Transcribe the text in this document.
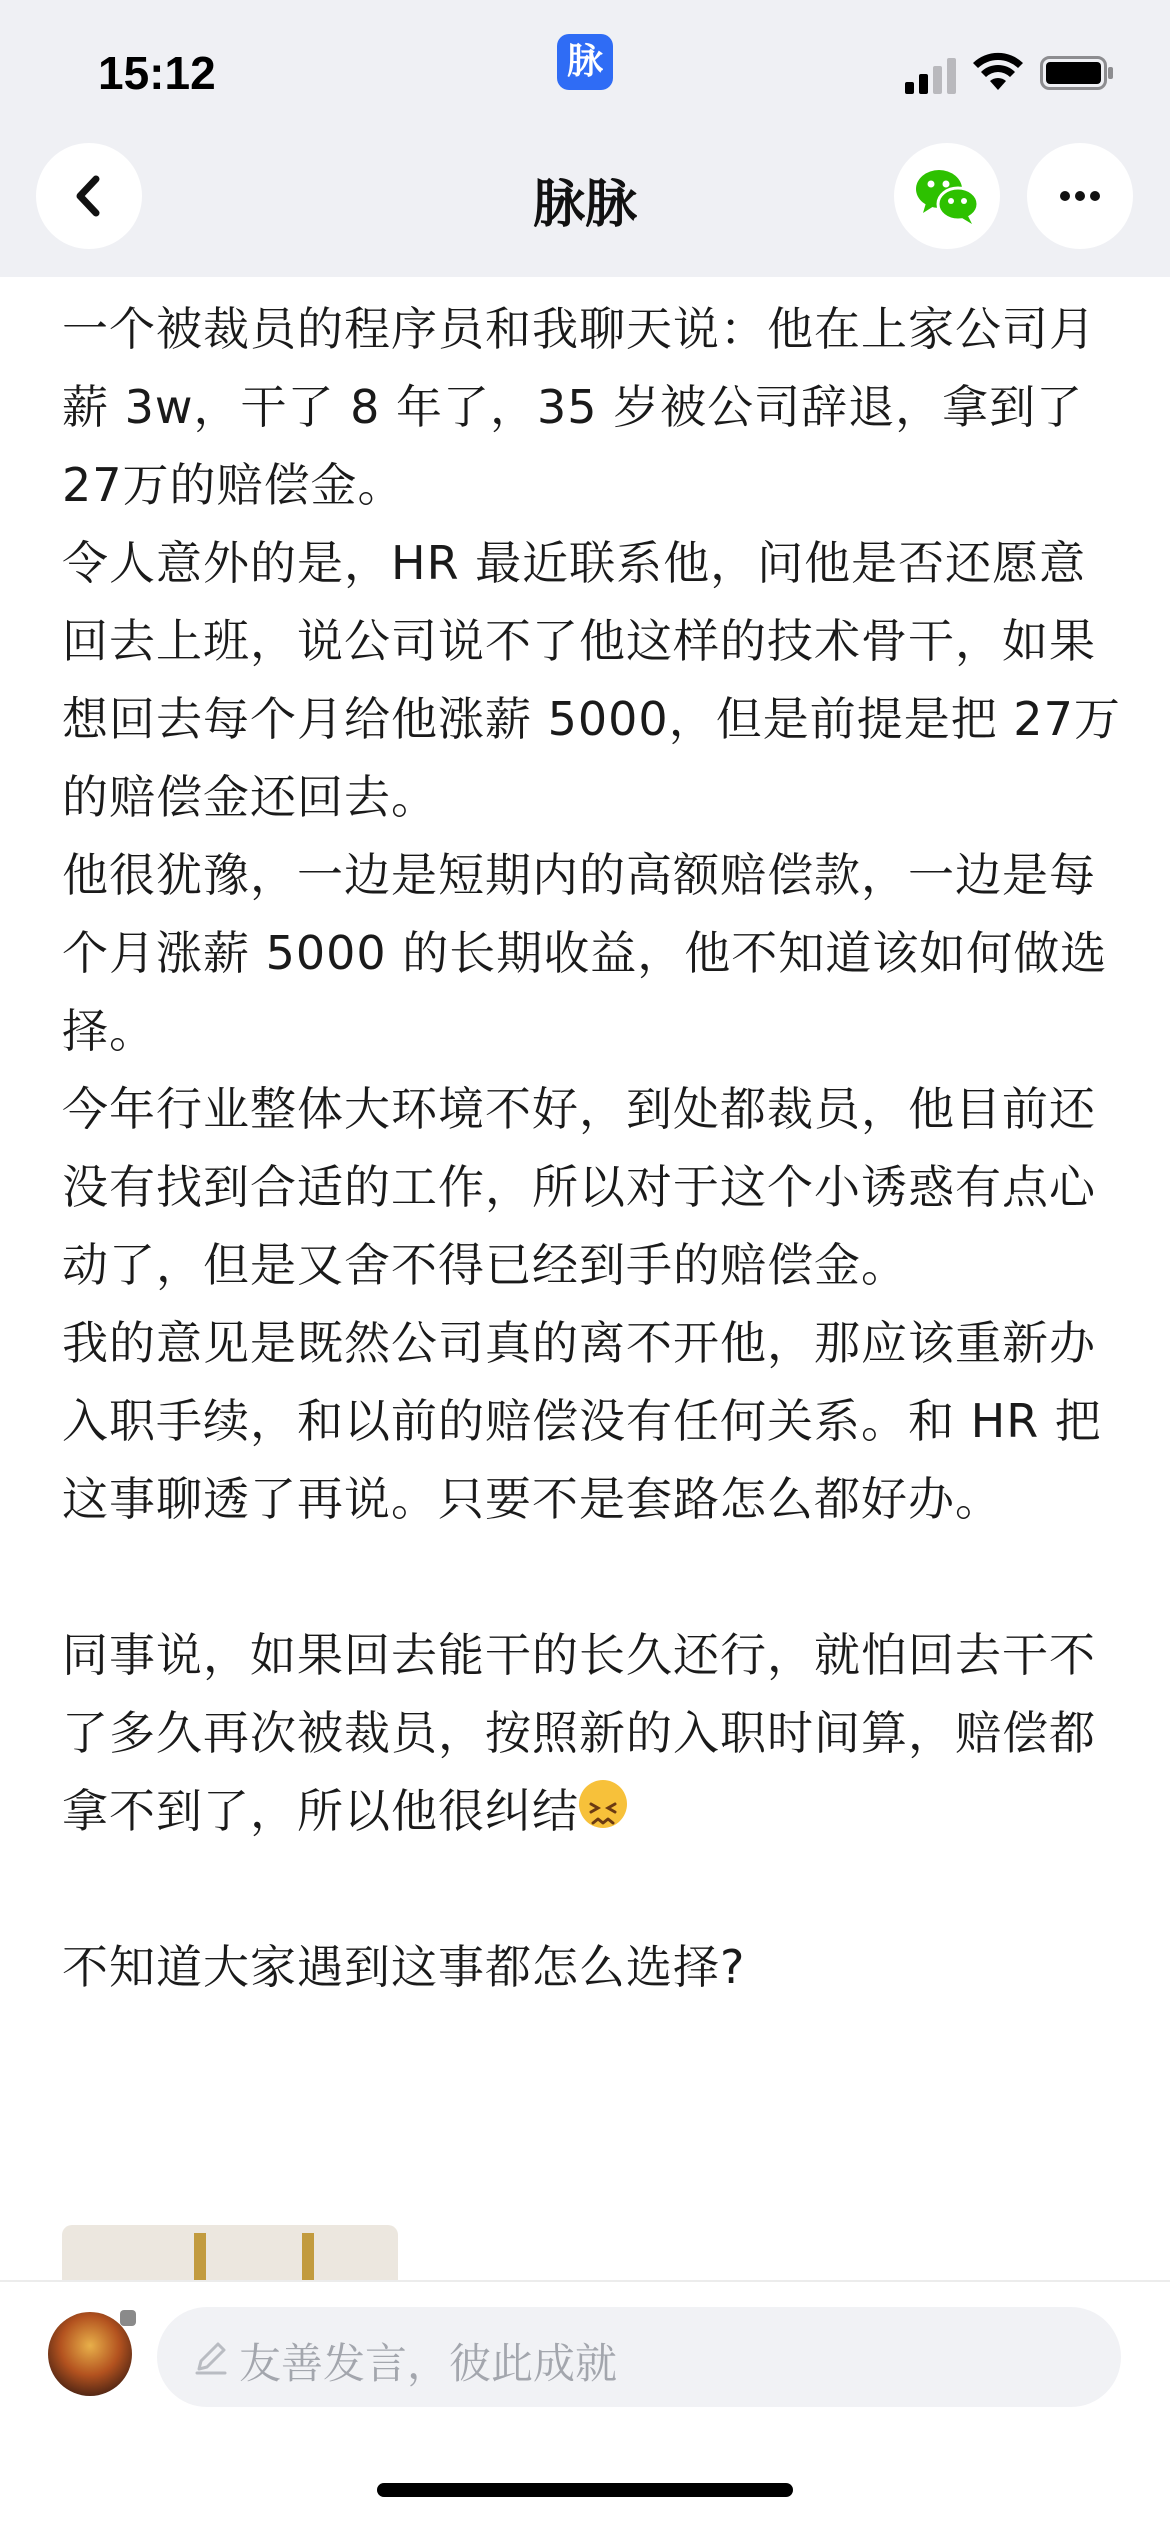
15:12	脉
脉脉

一个被裁员的程序员和我聊天说：他在上家公司月薪 3w，干了 8 年了，35 岁被公司辞退，拿到了 27万的赔偿金。

令人意外的是，HR 最近联系他，问他是否还愿意回去上班，说公司说不了他这样的技术骨干，如果想回去每个月给他涨薪 5000，但是前提是把 27万的赔偿金还回去。

他很犹豫，一边是短期内的高额赔偿款，一边是每个月涨薪 5000 的长期收益，他不知道该如何做选择。

今年行业整体大环境不好，到处都裁员，他目前还没有找到合适的工作，所以对于这个小诱惑有点心动了，但是又舍不得已经到手的赔偿金。

我的意见是既然公司真的离不开他，那应该重新办入职手续，和以前的赔偿没有任何关系。和 HR 把这事聊透了再说。只要不是套路怎么都好办。

同事说，如果回去能干的长久还行，就怕回去干不了多久再次被裁员，按照新的入职时间算，赔偿都拿不到了，所以他很纠结

不知道大家遇到这事都怎么选择?

友善发言，彼此成就
